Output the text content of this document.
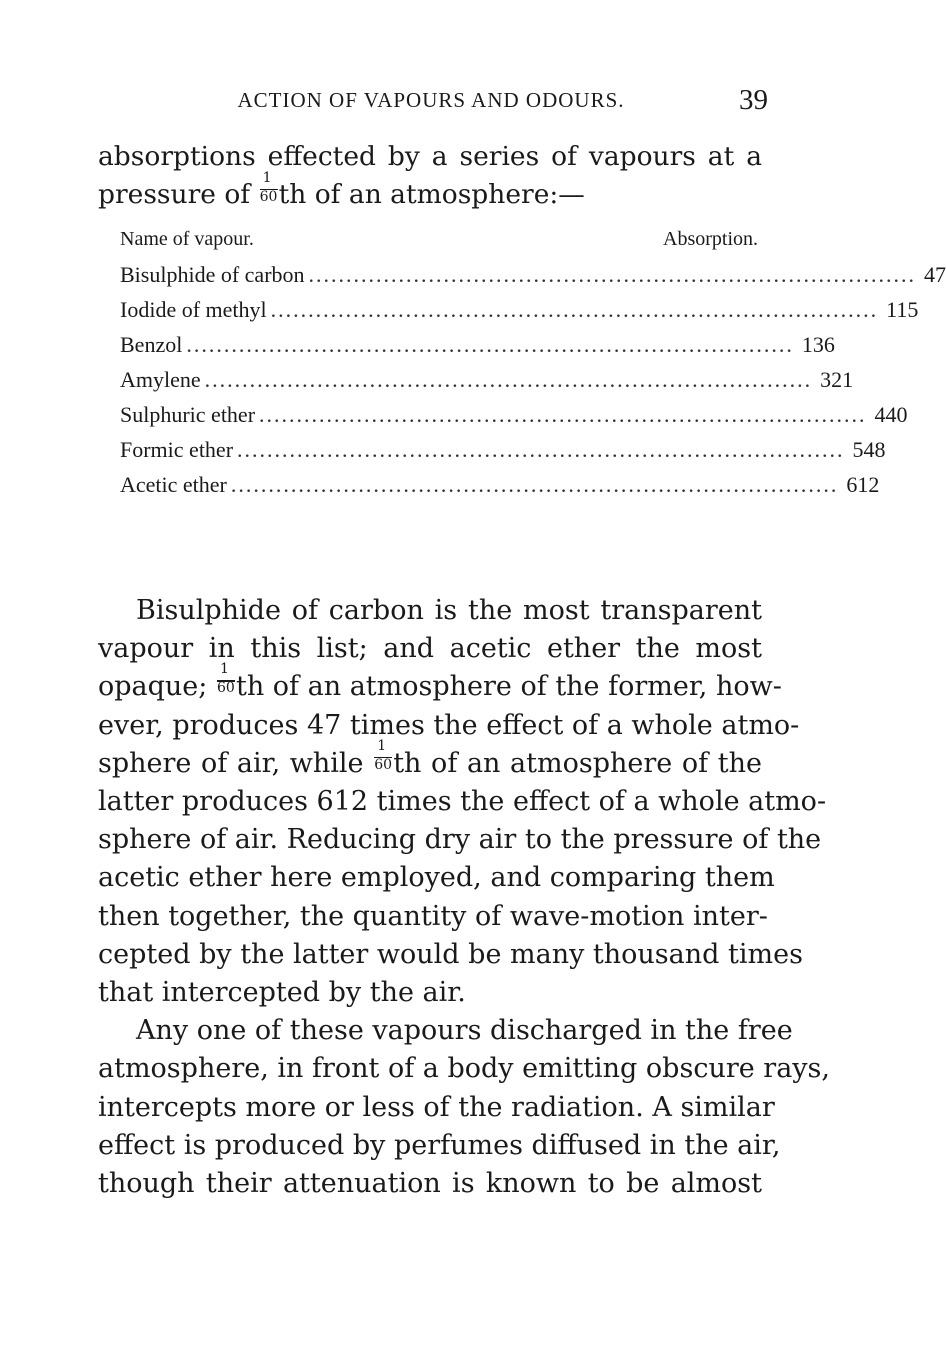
ACTION OF VAPOURS AND ODOURS.	39
absorptions effected by a series of vapours at a
pressure of $\frac{1}{60}$ th of an atmosphere:—
Name of vapour.	Absorption.
Bisulphide of carbon ................................................................................. 47
Iodide of methyl ................................................................................. 115
Benzol ................................................................................. 136
Amylene ................................................................................. 321
Sulphuric ether ................................................................................. 440
Formic ether ................................................................................. 548
Acetic ether ................................................................................. 612
Bisulphide of carbon is the most transparent
vapour in this list; and acetic ether the most
opaque; $\frac{1}{60}$ th of an atmosphere of the former, how-
ever, produces 47 times the effect of a whole atmo-
sphere of air, while $\frac{1}{60}$ th of an atmosphere of the
latter produces 612 times the effect of a whole atmo-
sphere of air. Reducing dry air to the pressure of the
acetic ether here employed, and comparing them
then together, the quantity of wave-motion inter-
cepted by the latter would be many thousand times
that intercepted by the air.
Any one of these vapours discharged in the free
atmosphere, in front of a body emitting obscure rays,
intercepts more or less of the radiation. A similar
effect is produced by perfumes diffused in the air,
though their attenuation is known to be almost
